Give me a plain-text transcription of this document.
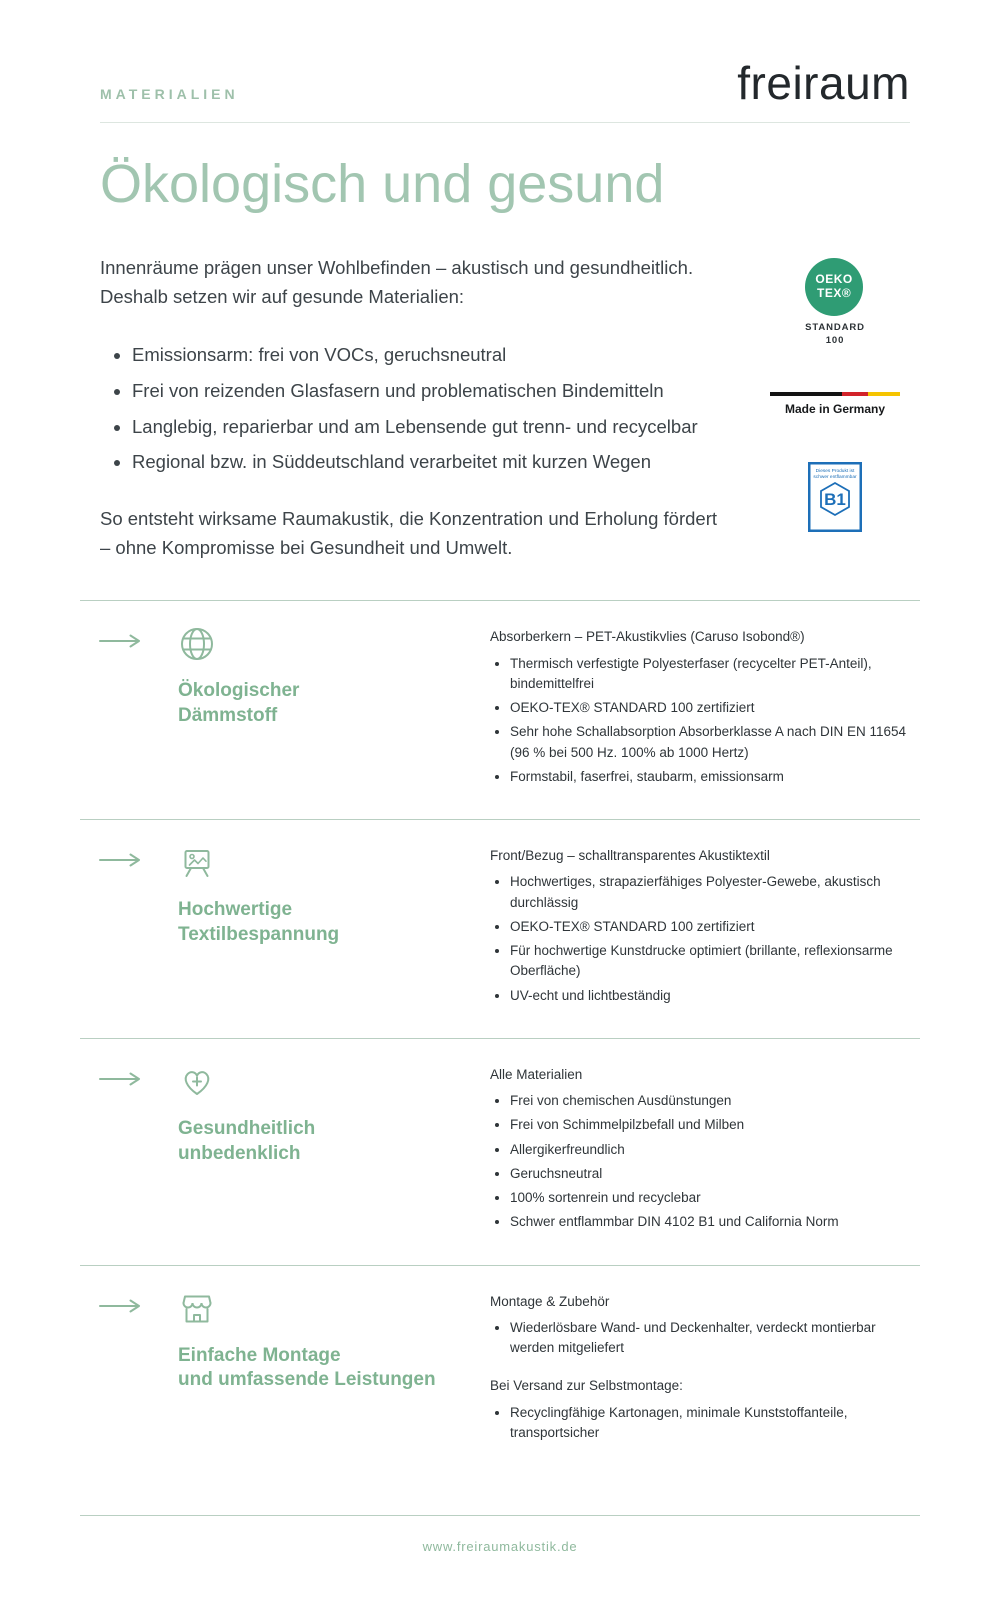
MATERIALIEN	freiraum
Ökologisch und gesund

Innenräume prägen unser Wohlbefinden – akustisch und gesundheitlich. Deshalb setzen wir auf gesunde Materialien:

• Emissionsarm: frei von VOCs, geruchsneutral
• Frei von reizenden Glasfasern und problematischen Bindemitteln
• Langlebig, reparierbar und am Lebensende gut trenn- und recycelbar
• Regional bzw. in Süddeutschland verarbeitet mit kurzen Wegen

So entsteht wirksame Raumakustik, die Konzentration und Erholung fördert – ohne Kompromisse bei Gesundheit und Umwelt.

OEKO
TEX®
STANDARD
100
Made in Germany
Dieses Produkt ist
schwer entflammbar
B1
Ökologischer
Dämmstoff

Absorberkern – PET-Akustikvlies (Caruso Isobond®)

• Thermisch verfestigte Polyesterfaser (recycelter PET-Anteil), bindemittelfrei
• OEKO-TEX® STANDARD 100 zertifiziert
• Sehr hohe Schallabsorption Absorberklasse A nach DIN EN 11654 (96 % bei 500 Hz. 100% ab 1000 Hertz)
• Formstabil, faserfrei, staubarm, emissionsarm
Hochwertige
Textilbespannung

Front/Bezug – schalltransparentes Akustiktextil

• Hochwertiges, strapazierfähiges Polyester-Gewebe, akustisch durchlässig
• OEKO-TEX® STANDARD 100 zertifiziert
• Für hochwertige Kunstdrucke optimiert (brillante, reflexionsarme Oberfläche)
• UV-echt und lichtbeständig
Gesundheitlich
unbedenklich

Alle Materialien

• Frei von chemischen Ausdünstungen
• Frei von Schimmelpilzbefall und Milben
• Allergikerfreundlich
• Geruchsneutral
• 100% sortenrein und recyclebar
• Schwer entflammbar DIN 4102 B1 und California Norm
Einfache Montage
und umfassende Leistungen

Montage & Zubehör

• Wiederlösbare Wand- und Deckenhalter, verdeckt montierbar werden mitgeliefert

Bei Versand zur Selbstmontage:

• Recyclingfähige Kartonagen, minimale Kunststoffanteile, transportsicher
www.freiraumakustik.de
